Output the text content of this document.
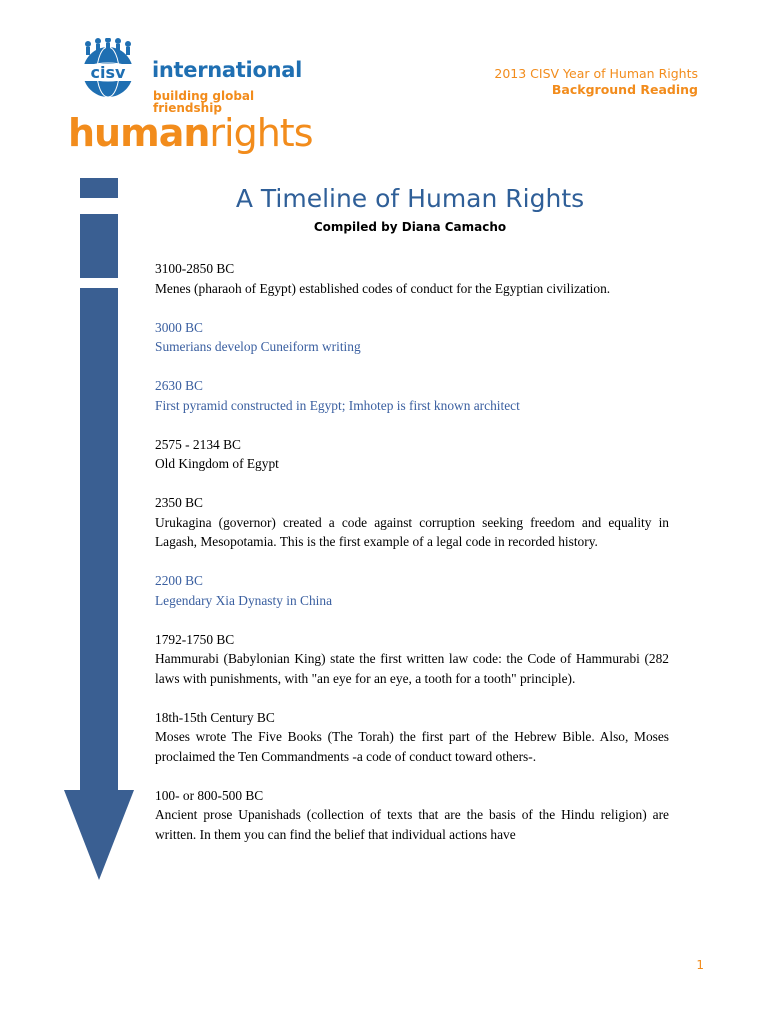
cisv international
building global friendship
humanrights
2013 CISV Year of Human Rights
Background Reading
A Timeline of Human Rights
Compiled by Diana Camacho

3100-2850 BC

Menes (pharaoh of Egypt) established codes of conduct for the Egyptian civilization.

3000 BC

Sumerians develop Cuneiform writing

2630 BC

First pyramid constructed in Egypt; Imhotep is first known architect

2575 - 2134 BC

Old Kingdom of Egypt

2350 BC

Urukagina (governor) created a code against corruption seeking freedom and equality in Lagash, Mesopotamia. This is the first example of a legal code in recorded history.

2200 BC

Legendary Xia Dynasty in China

1792-1750 BC

Hammurabi (Babylonian King) state the first written law code: the Code of Hammurabi (282 laws with punishments, with "an eye for an eye, a tooth for a tooth" principle).

18th-15th Century BC

Moses wrote The Five Books (The Torah) the first part of the Hebrew Bible. Also, Moses proclaimed the Ten Commandments -a code of conduct toward others-.

100- or 800-500 BC

Ancient prose Upanishads (collection of texts that are the basis of the Hindu religion) are written. In them you can find the belief that individual actions have

1
